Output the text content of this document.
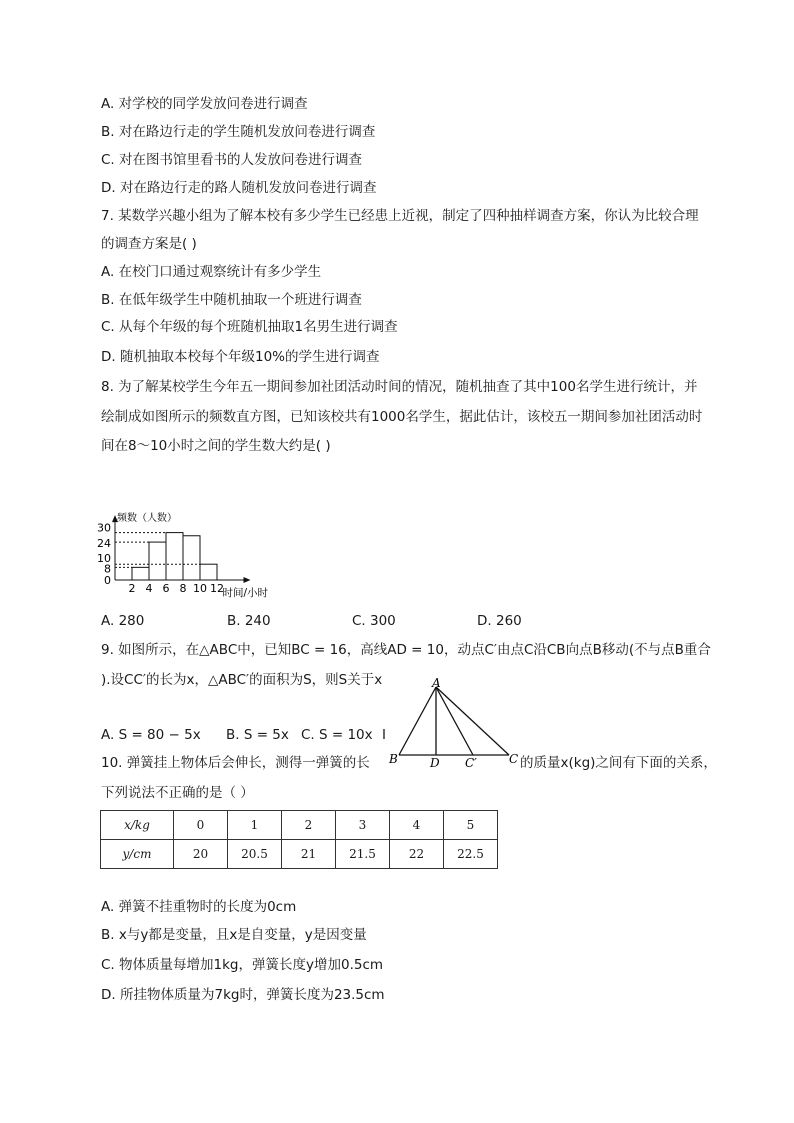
A. 对学校的同学发放问卷进行调查
B. 对在路边行走的学生随机发放问卷进行调查
C. 对在图书馆里看书的人发放问卷进行调查
D. 对在路边行走的路人随机发放问卷进行调查
7. 某数学兴趣小组为了解本校有多少学生已经患上近视，制定了四种抽样调查方案，你认为比较合理
的调查方案是( )
A. 在校门口通过观察统计有多少学生
B. 在低年级学生中随机抽取一个班进行调查
C. 从每个年级的每个班随机抽取1名男生进行调查
D. 随机抽取本校每个年级10%的学生进行调查
8. 为了解某校学生今年五一期间参加社团活动时间的情况，随机抽查了其中100名学生进行统计，并
绘制成如图所示的频数直方图，已知该校共有1000名学生，据此估计，该校五一期间参加社团活动时
间在8～10小时之间的学生数大约是( )
0
8
10
24
30
2 4 6 8 10 12
时间/小时
频数（人数）
A. 280	B. 240	C. 300	D. 260
9. 如图所示，在△ABC中，已知BC = 16，高线AD = 10，动点C′由点C沿CB向点B移动(不与点B重合
).设CC′的长为x，△ABC′的面积为S，则S关于x
A. S = 80 − 5x B. S = 5x C. S = 10x I
A
B	D C′	C
10. 弹簧挂上物体后会伸长，测得一弹簧的长	的质量x(kg)之间有下面的关系，
下列说法不正确的是（ ）
x/kg	0	1	2	3	4	5
y/cm	20	20.5	21	21.5	22	22.5
A. 弹簧不挂重物时的长度为0cm
B. x与y都是变量，且x是自变量，y是因变量
C. 物体质量每增加1kg，弹簧长度y增加0.5cm
D. 所挂物体质量为7kg时，弹簧长度为23.5cm
